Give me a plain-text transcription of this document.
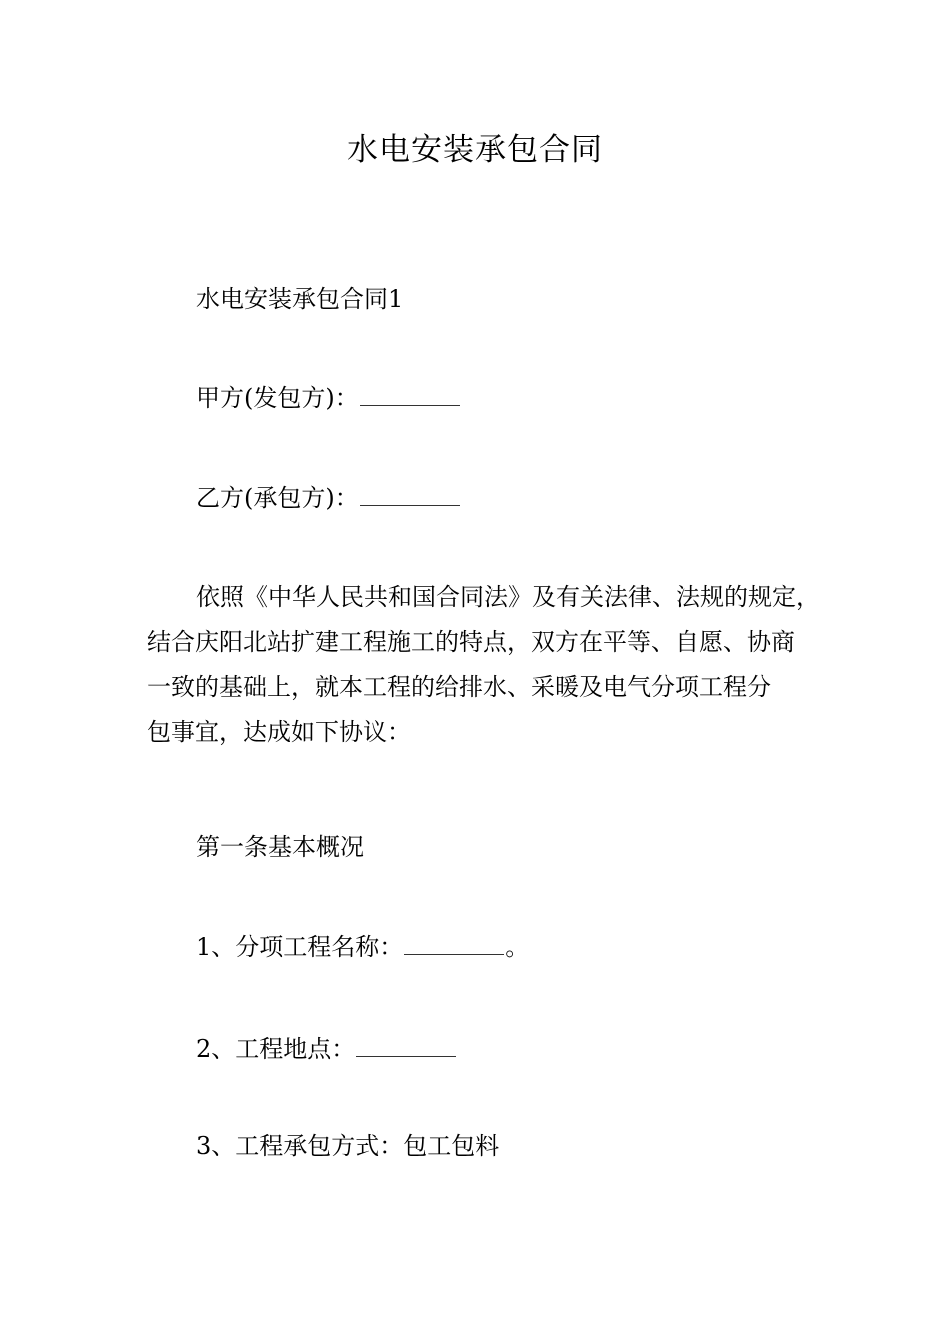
水电安装承包合同
水电安装承包合同1
甲方(发包方)：
乙方(承包方)：
依照《中华人民共和国合同法》及有关法律、法规的规定，
结合庆阳北站扩建工程施工的特点，双方在平等、自愿、协商
一致的基础上，就本工程的给排水、采暖及电气分项工程分
包事宜，达成如下协议：
第一条基本概况
1、分项工程名称：	。
2、工程地点：
3、工程承包方式：包工包料
